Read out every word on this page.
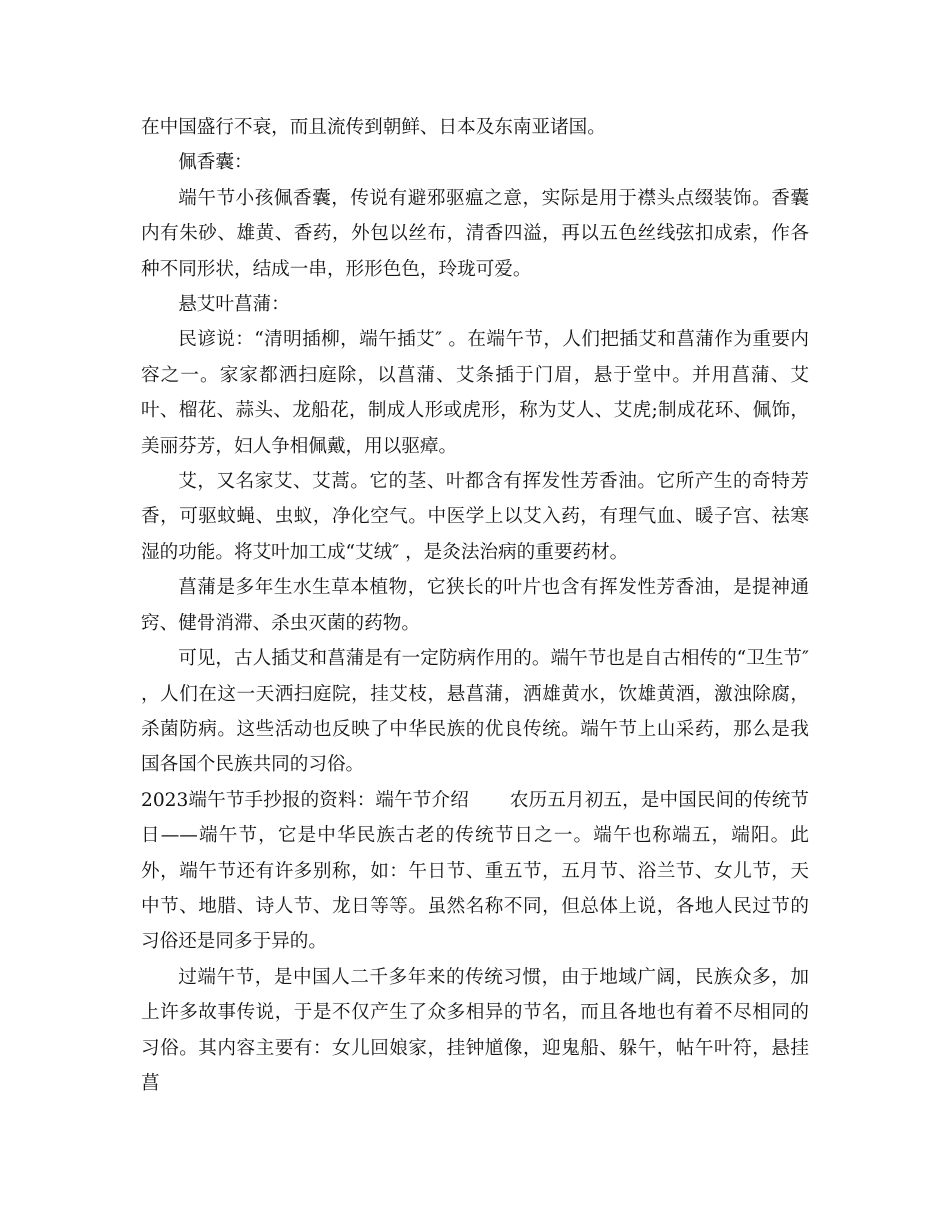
在中国盛行不衰，而且流传到朝鲜、日本及东南亚诸国。

佩香囊：

端午节小孩佩香囊，传说有避邪驱瘟之意，实际是用于襟头点缀装饰。香囊内有朱砂、雄黄、香药，外包以丝布，清香四溢，再以五色丝线弦扣成索，作各种不同形状，结成一串，形形色色，玲珑可爱。

悬艾叶菖蒲：

民谚说：“清明插柳，端午插艾″ 。在端午节，人们把插艾和菖蒲作为重要内容之一。家家都洒扫庭除，以菖蒲、艾条插于门眉，悬于堂中。并用菖蒲、艾叶、榴花、蒜头、龙船花，制成人形或虎形，称为艾人、艾虎;制成花环、佩饰，美丽芬芳，妇人争相佩戴，用以驱瘴。

艾，又名家艾、艾蒿。它的茎、叶都含有挥发性芳香油。它所产生的奇特芳香，可驱蚊蝇、虫蚁，净化空气。中医学上以艾入药，有理气血、暖子宫、祛寒湿的功能。将艾叶加工成“艾绒″ ，是灸法治病的重要药材。

菖蒲是多年生水生草本植物，它狭长的叶片也含有挥发性芳香油，是提神通窍、健骨消滞、杀虫灭菌的药物。

可见，古人插艾和菖蒲是有一定防病作用的。端午节也是自古相传的“卫生节″ ，人们在这一天洒扫庭院，挂艾枝，悬菖蒲，洒雄黄水，饮雄黄酒，激浊除腐，杀菌防病。这些活动也反映了中华民族的优良传统。端午节上山采药，那么是我国各国个民族共同的习俗。

2023端午节手抄报的资料：端午节介绍 农历五月初五，是中国民间的传统节日——端午节，它是中华民族古老的传统节日之一。端午也称端五，端阳。此外，端午节还有许多别称，如：午日节、重五节，五月节、浴兰节、女儿节，天中节、地腊、诗人节、龙日等等。虽然名称不同，但总体上说，各地人民过节的习俗还是同多于异的。

过端午节，是中国人二千多年来的传统习惯，由于地域广阔，民族众多，加上许多故事传说，于是不仅产生了众多相异的节名，而且各地也有着不尽相同的习俗。其内容主要有：女儿回娘家，挂钟馗像，迎鬼船、躲午，帖午叶符，悬挂菖
